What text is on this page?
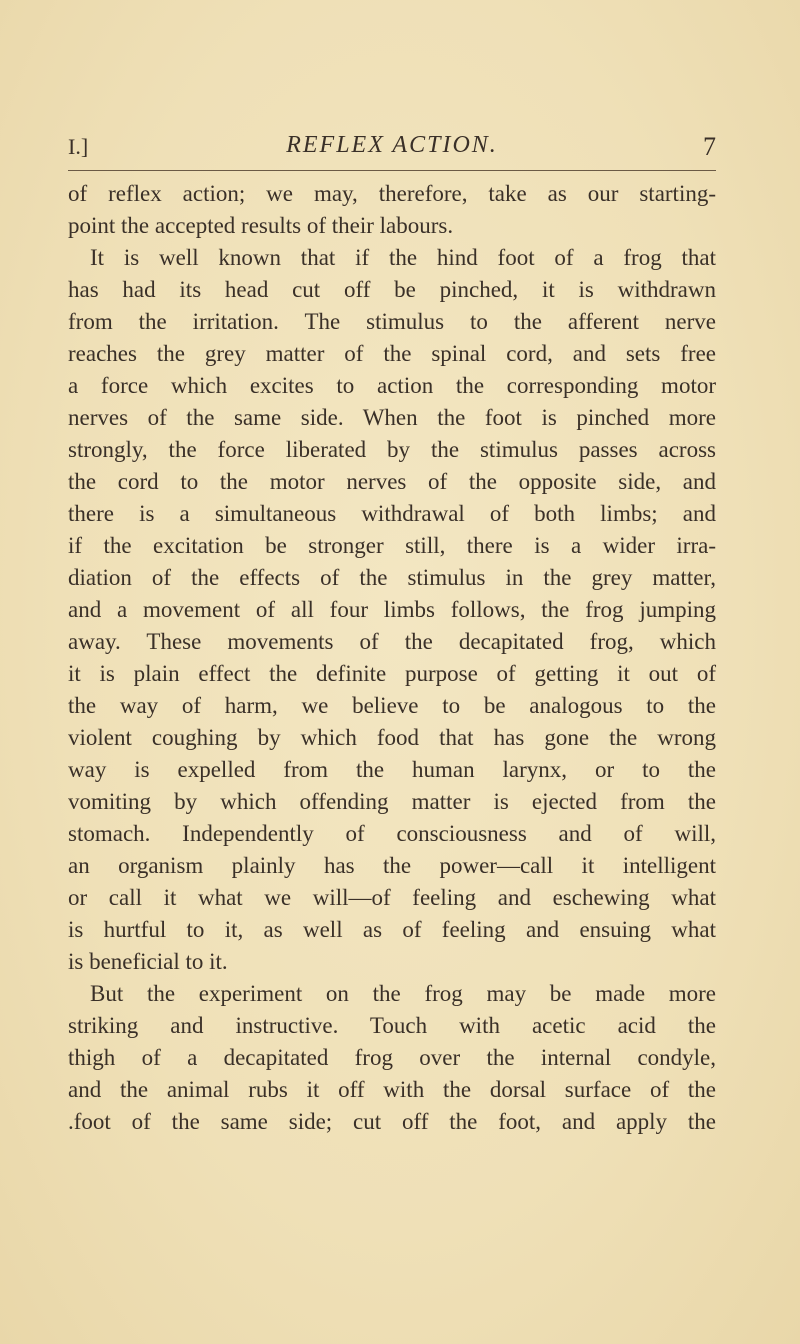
I.]	REFLEX ACTION.	7
of reflex action; we may, therefore, take as our starting-
point the accepted results of their labours.
It is well known that if the hind foot of a frog that
has had its head cut off be pinched, it is withdrawn
from the irritation. The stimulus to the afferent nerve
reaches the grey matter of the spinal cord, and sets free
a force which excites to action the corresponding motor
nerves of the same side. When the foot is pinched more
strongly, the force liberated by the stimulus passes across
the cord to the motor nerves of the opposite side, and
there is a simultaneous withdrawal of both limbs; and
if the excitation be stronger still, there is a wider irra-
diation of the effects of the stimulus in the grey matter,
and a movement of all four limbs follows, the frog jumping
away. These movements of the decapitated frog, which
it is plain effect the definite purpose of getting it out of
the way of harm, we believe to be analogous to the
violent coughing by which food that has gone the wrong
way is expelled from the human larynx, or to the
vomiting by which offending matter is ejected from the
stomach. Independently of consciousness and of will,
an organism plainly has the power—call it intelligent
or call it what we will—of feeling and eschewing what
is hurtful to it, as well as of feeling and ensuing what
is beneficial to it.
But the experiment on the frog may be made more
striking and instructive. Touch with acetic acid the
thigh of a decapitated frog over the internal condyle,
and the animal rubs it off with the dorsal surface of the
.foot of the same side; cut off the foot, and apply the
